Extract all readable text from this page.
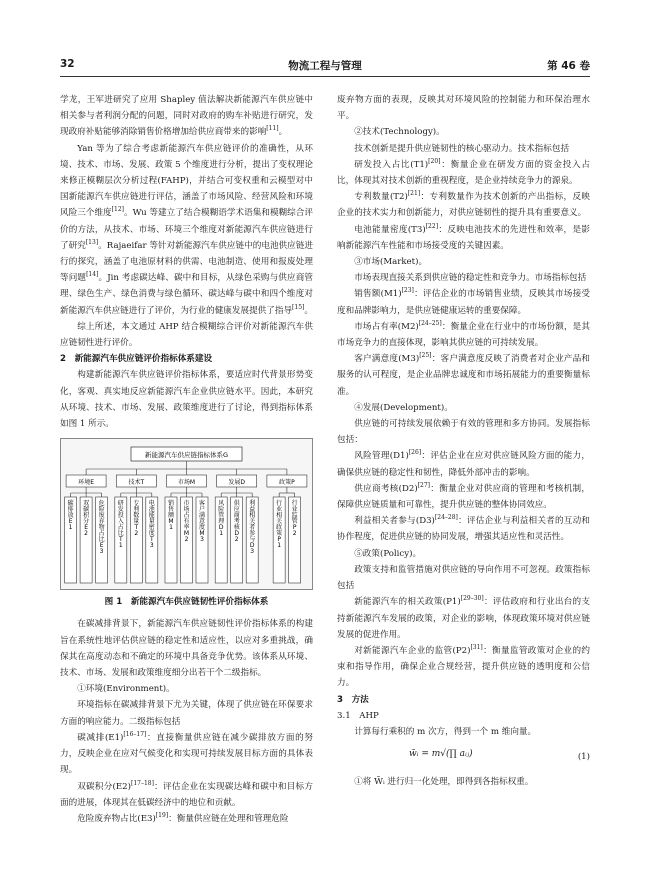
32	物流工程与管理	第 46 卷

学龙，王军进研究了应用 Shapley 值法解决新能源汽车供应链中相关参与者利润分配的问题，同时对政府的购车补贴进行研究，发现政府补贴能够消除销售价格增加给供应商带来的影响[11]。

Yan 等为了综合考虑新能源汽车供应链评价的准确性，从环境、技术、市场、发展、政策 5 个维度进行分析，提出了变权理论来修正模糊层次分析过程(FAHP)，并结合可变权重和云模型对中国新能源汽车供应链进行评估，涵盖了市场风险、经营风险和环境风险三个维度[12]。Wu 等建立了结合模糊语学术语集和模糊综合评价的方法，从技术、市场、环境三个维度对新能源汽车供应链进行了研究[13]。Rajaeifar 等针对新能源汽车供应链中的电池供应链进行的探究，涵盖了电池原材料的供需、电池制造、使用和报废处理等问题[14]。Jin 考虑碳达峰、碳中和目标，从绿色采购与供应商管理、绿色生产、绿色消费与绿色循环、碳达峰与碳中和四个维度对新能源汽车供应链进行了评价，为行业的健康发展提供了指导[15]。

综上所述，本文通过 AHP 结合模糊综合评价对新能源汽车供应链韧性进行评价。

2　新能源汽车供应链评价指标体系建设

构建新能源汽车供应链评价指标体系，要适应时代背景形势变化，客观、真实地反应新能源汽车企业供应链水平。因此，本研究从环境、技术、市场、发展、政策维度进行了讨论，得到指标体系如图 1 所示。

新能源汽车供应链指标体系G
环境E
碳排放 E 1
双碳积分 E 2
危险废弃物占比 E 3
技术T
研发投入占比 T 1
专利数量 T 2
电池能量密度 T 3
市场M
销售额 M 1
市场占有率 M 2
客户满意度 M 3
发展D
风险管理 D 1
供应商考核 D 2
利益相关者参与 D 3
政策P
行业相关政策 P 1
行业监管 P 2

图 1　新能源汽车供应链韧性评价指标体系

在碳减排背景下，新能源汽车供应链韧性评价指标体系的构建旨在系统性地评估供应链的稳定性和适应性，以应对多重挑战，确保其在高度动态和不确定的环境中具备竞争优势。该体系从环境、技术、市场、发展和政策维度细分出若干个二级指标。

①环境(Environment)。

环境指标在碳减排背景下尤为关键，体现了供应链在环保要求方面的响应能力。二级指标包括

碳减排(E1)[16–17]：直接衡量供应链在减少碳排放方面的努力，反映企业在应对气候变化和实现可持续发展目标方面的具体表现。

双碳积分(E2)[17–18]：评估企业在实现碳达峰和碳中和目标方面的进展，体现其在低碳经济中的地位和贡献。

危险废弃物占比(E3)[19]：衡量供应链在处理和管理危险

废弃物方面的表现，反映其对环境风险的控制能力和环保治理水平。

②技术(Technology)。

技术创新是提升供应链韧性的核心驱动力。技术指标包括

研发投入占比(T1)[20]：衡量企业在研发方面的资金投入占比，体现其对技术创新的重视程度，是企业持续竞争力的源泉。

专利数量(T2)[21]：专利数量作为技术创新的产出指标，反映企业的技术实力和创新能力，对供应链韧性的提升具有重要意义。

电池能量密度(T3)[22]：反映电池技术的先进性和效率，是影响新能源汽车性能和市场接受度的关键因素。

③市场(Market)。

市场表现直接关系到供应链的稳定性和竞争力。市场指标包括

销售额(M1)[23]：评估企业的市场销售业绩，反映其市场接受度和品牌影响力，是供应链健康运转的重要保障。

市场占有率(M2)[24–25]：衡量企业在行业中的市场份额，是其市场竞争力的直接体现，影响其供应链的可持续发展。

客户满意度(M3)[25]：客户满意度反映了消费者对企业产品和服务的认可程度，是企业品牌忠诚度和市场拓展能力的重要衡量标准。

④发展(Development)。

供应链的可持续发展依赖于有效的管理和多方协同。发展指标包括：

风险管理(D1)[26]：评估企业在应对供应链风险方面的能力，确保供应链的稳定性和韧性，降低外部冲击的影响。

供应商考核(D2)[27]：衡量企业对供应商的管理和考核机制，保障供应链质量和可靠性，提升供应链的整体协同效应。

利益相关者参与(D3)[24–28]：评估企业与利益相关者的互动和协作程度，促进供应链的协同发展，增强其适应性和灵活性。

⑤政策(Policy)。

政策支持和监管措施对供应链的导向作用不可忽视。政策指标包括

新能源汽车的相关政策(P1)[29–30]：评估政府和行业出台的支持新能源汽车发展的政策，对企业的影响，体现政策环境对供应链发展的促进作用。

对新能源汽车企业的监管(P2)[31]：衡量监管政策对企业的约束和指导作用，确保企业合规经营，提升供应链的透明度和公信力。

3　方法

3.1　AHP

计算每行乘积的 m 次方，得到一个 m 维向量。

w̄ᵢ = m√(∏ aᵢⱼ)	(1)

①将 W̄ᵢ 进行归一化处理，即得到各指标权重。
